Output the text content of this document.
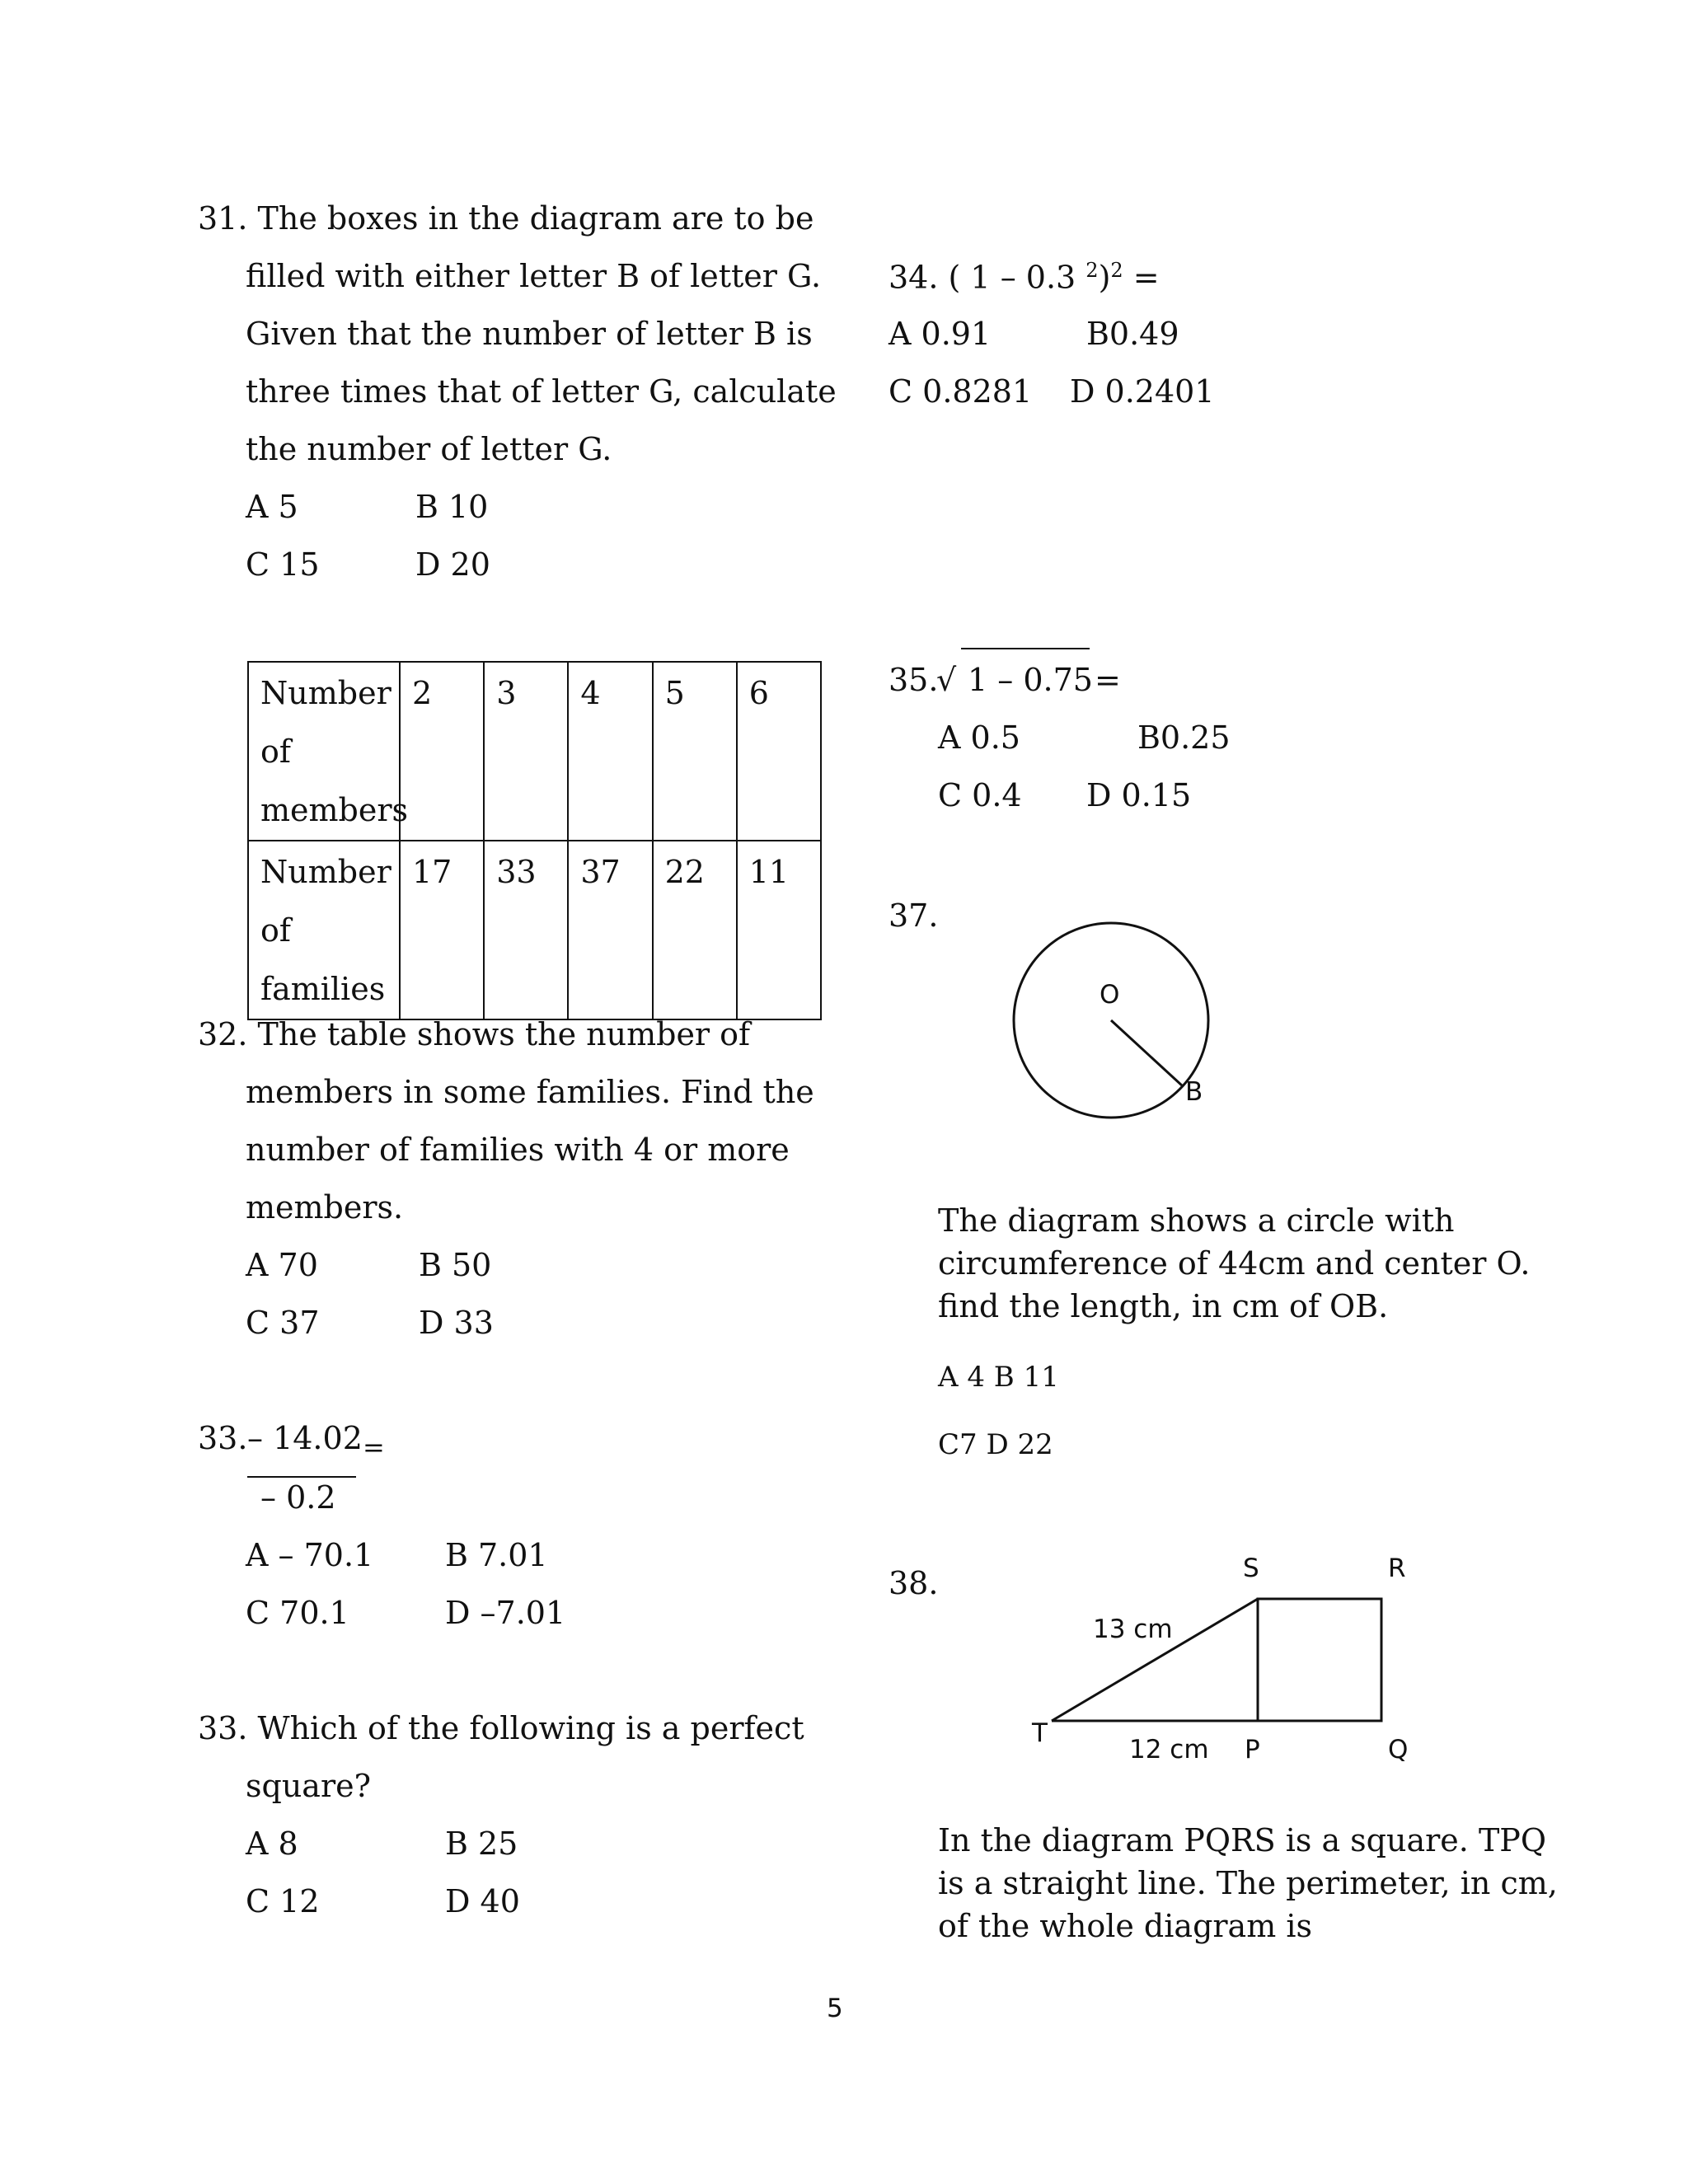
31. The boxes in the diagram are to be
filled with either letter B of letter G.
Given that the number of letter B is
three times that of letter G, calculate
the number of letter G.
A 5	B 10
C 15	D 20
Number
of
members	2	3	4	5	6

Number
of
families	17	33	37	22	11
32. The table shows the number of
members in some families. Find the
number of families with 4 or more
members.
A 70	B 50
C 37	D 33
33. – 14.02 =
– 0.2
A – 70.1 B 7.01
C 70.1	D –7.01
33. Which of the following is a perfect
square?
A 8	B 25
C 12	D 40
34. ( 1 – 0.3 $^2$)$^2$ =
A 0.91	B0.49
C 0.8281 D 0.2401
35.
√ 1 – 0.75 =
A 0.5	B0.25
C 0.4 D 0.15
37.
O
B
The diagram shows a circle with
circumference of 44cm and center O.
find the length, in cm of OB.
A 4 B 11
C7 D 22
38.	S	R
13 cm
T
12 cm P	Q
In the diagram PQRS is a square. TPQ
is a straight line. The perimeter, in cm,
of the whole diagram is
5
